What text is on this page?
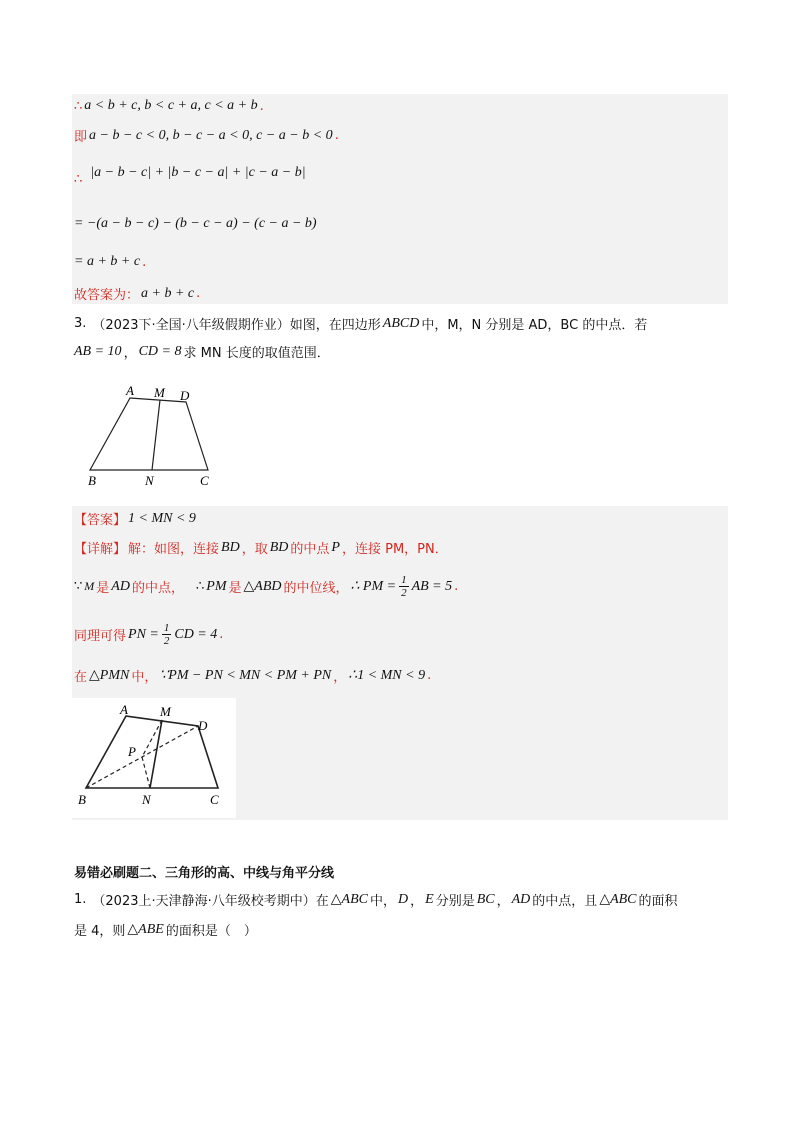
∴ a < b + c, b < c + a, c < a + b .
即 a − b − c < 0, b − c − a < 0, c − a − b < 0 .
∴ |a − b − c| + |b − c − a| + |c − a − b|
= −(a − b − c) − (b − c − a) − (c − a − b)
= a + b + c .
故答案为： a + b + c .
3. （2023下·全国·八年级假期作业）如图，在四边形 ABCD 中，M，N 分别是 AD，BC 的中点．若
AB = 10 ， CD = 8 求 MN 长度的取值范围．
A M D
B	N	C
【答案】 1 < MN < 9
【详解】 解：如图，连接 BD ，取 BD 的中点 P ，连接 PM，PN．
∵ M 是 AD 的中点， ∴ PM 是 △ABD 的中位线， ∴ PM = $\frac{1}{2}$ AB = 5 .
同理可得 PN = $\frac{1}{2}$ CD = 4 .
在 △PMN 中， ∵PM − PN < MN < PM + PN ， ∴1 < MN < 9 .
A M
D
P
B	N	C
易错必刷题二、三角形的高、中线与角平分线
1. （2023上·天津静海·八年级校考期中）在 △ABC 中， D ， E 分别是 BC ， AD 的中点，且 △ABC 的面积
是 4，则 △ABE 的面积是（　）
